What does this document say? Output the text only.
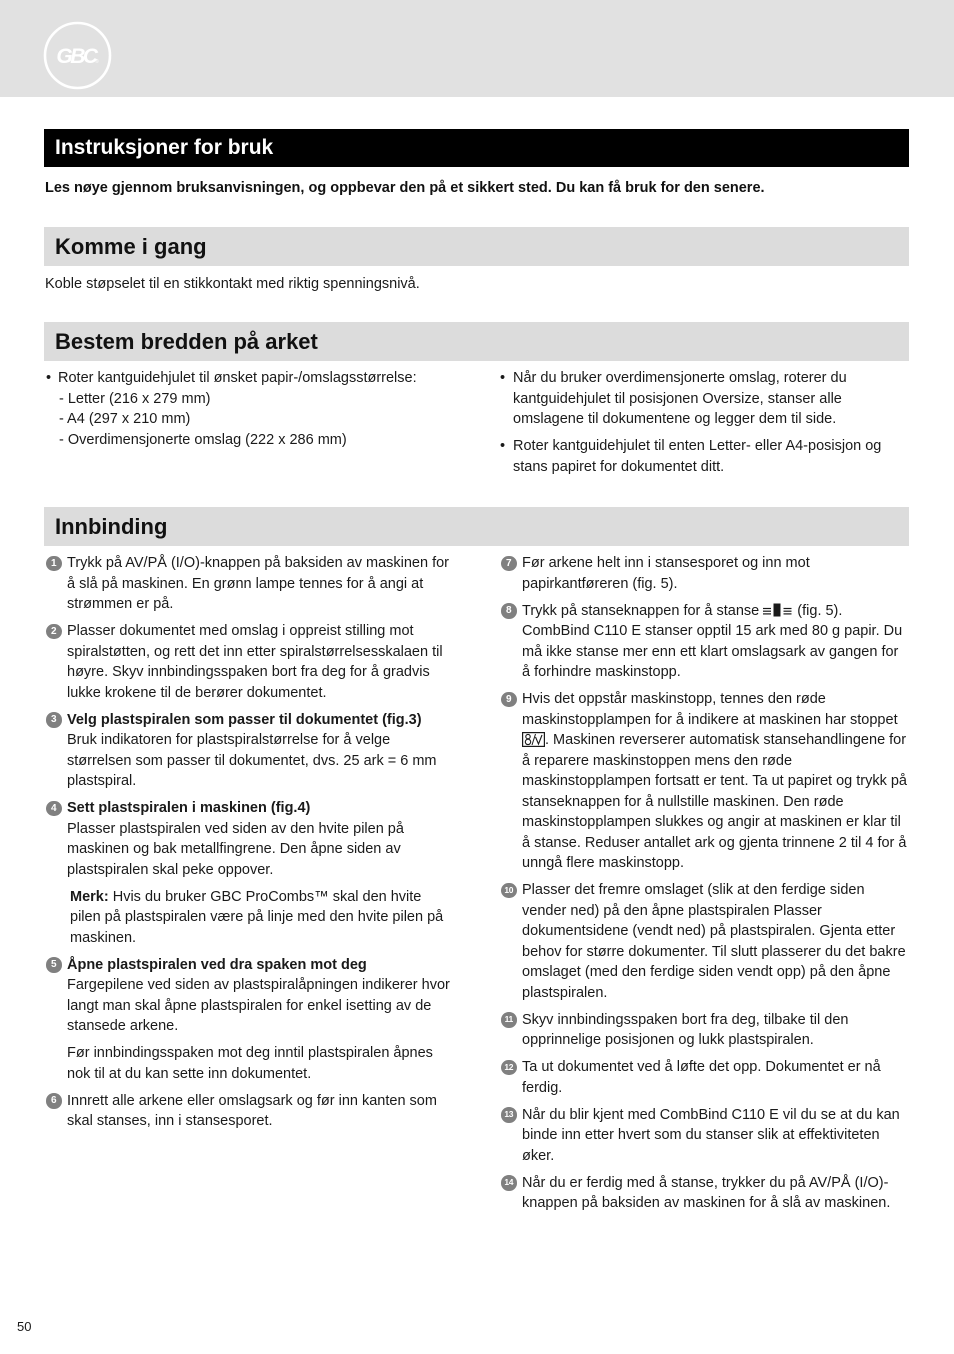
GBC ®
Instruksjoner for bruk

Les nøye gjennom bruksanvisningen, og oppbevar den på et sikkert sted. Du kan få bruk for den senere.

Komme i gang

Koble støpselet til en stikkontakt med riktig spenningsnivå.

Bestem bredden på arket
• Roter kantguidehjulet til ønsket papir-/omslagsstørrelse:
- Letter (216 x 279 mm)
- A4 (297 x 210 mm)
- Overdimensjonerte omslag (222 x 286 mm)
• Når du bruker overdimensjonerte omslag, roterer du kantguidehjulet til posisjonen Oversize, stanser alle omslagene til dokumentene og legger dem til side.
• Roter kantguidehjulet til enten Letter- eller A4-posisjon og stans papiret for dokumentet ditt.
Innbinding
1 Trykk på AV/PÅ (I/O)-knappen på baksiden av maskinen for å slå på maskinen. En grønn lampe tennes for å angi at strømmen er på.

2 Plasser dokumentet med omslag i oppreist stilling mot spiralstøtten, og rett det inn etter spiralstørrelsesskalaen til høyre. Skyv innbindingsspaken bort fra deg for å gradvis lukke krokene til de berører dokumentet.

3 Velg plastspiralen som passer til dokumentet (fig.3)

Bruk indikatoren for plastspiralstørrelse for å velge størrelsen som passer til dokumentet, dvs. 25 ark = 6 mm plastspiral.

4 Sett plastspiralen i maskinen (fig.4)

Plasser plastspiralen ved siden av den hvite pilen på maskinen og bak metallfingrene. Den åpne siden av plastspiralen skal peke oppover.

Merk: Hvis du bruker GBC ProCombs™ skal den hvite pilen på plastspiralen være på linje med den hvite pilen på maskinen.

5 Åpne plastspiralen ved dra spaken mot deg

Fargepilene ved siden av plastspiralåpningen indikerer hvor langt man skal åpne plastspiralen for enkel isetting av de stansede arkene.

Før innbindingsspaken mot deg inntil plastspiralen åpnes nok til at du kan sette inn dokumentet.

6 Innrett alle arkene eller omslagsark og før inn kanten som skal stanses, inn i stansesporet.

7 Før arkene helt inn i stansesporet og inn mot papirkantføreren (fig. 5).

8 Trykk på stanseknappen for å stanse	(fig. 5). CombBind C110 E stanser opptil 15 ark med 80 g papir. Du må ikke stanse mer enn ett klart omslagsark av gangen for å forhindre maskinstopp.

9 Hvis det oppstår maskinstopp, tennes den røde maskinstopplampen for å indikere at maskinen har stoppet . Maskinen reverserer automatisk stansehandlingene for å reparere maskinstoppen mens den røde maskinstopplampen fortsatt er tent. Ta ut papiret og trykk på stanseknappen for å nullstille maskinen. Den røde maskinstopplampen slukkes og angir at maskinen er klar til å stanse. Reduser antallet ark og gjenta trinnene 2 til 4 for å unngå flere maskinstopp.

10 Plasser det fremre omslaget (slik at den ferdige siden vender ned) på den åpne plastspiralen Plasser dokumentsidene (vendt ned) på plastspiralen. Gjenta etter behov for større dokumenter. Til slutt plasserer du det bakre omslaget (med den ferdige siden vendt opp) på den åpne plastspiralen.

11 Skyv innbindingsspaken bort fra deg, tilbake til den opprinnelige posisjonen og lukk plastspiralen.

12 Ta ut dokumentet ved å løfte det opp. Dokumentet er nå ferdig.

13 Når du blir kjent med CombBind C110 E vil du se at du kan binde inn etter hvert som du stanser slik at effektiviteten øker.

14 Når du er ferdig med å stanse, trykker du på AV/PÅ (I/O)-knappen på baksiden av maskinen for å slå av maskinen.

50
